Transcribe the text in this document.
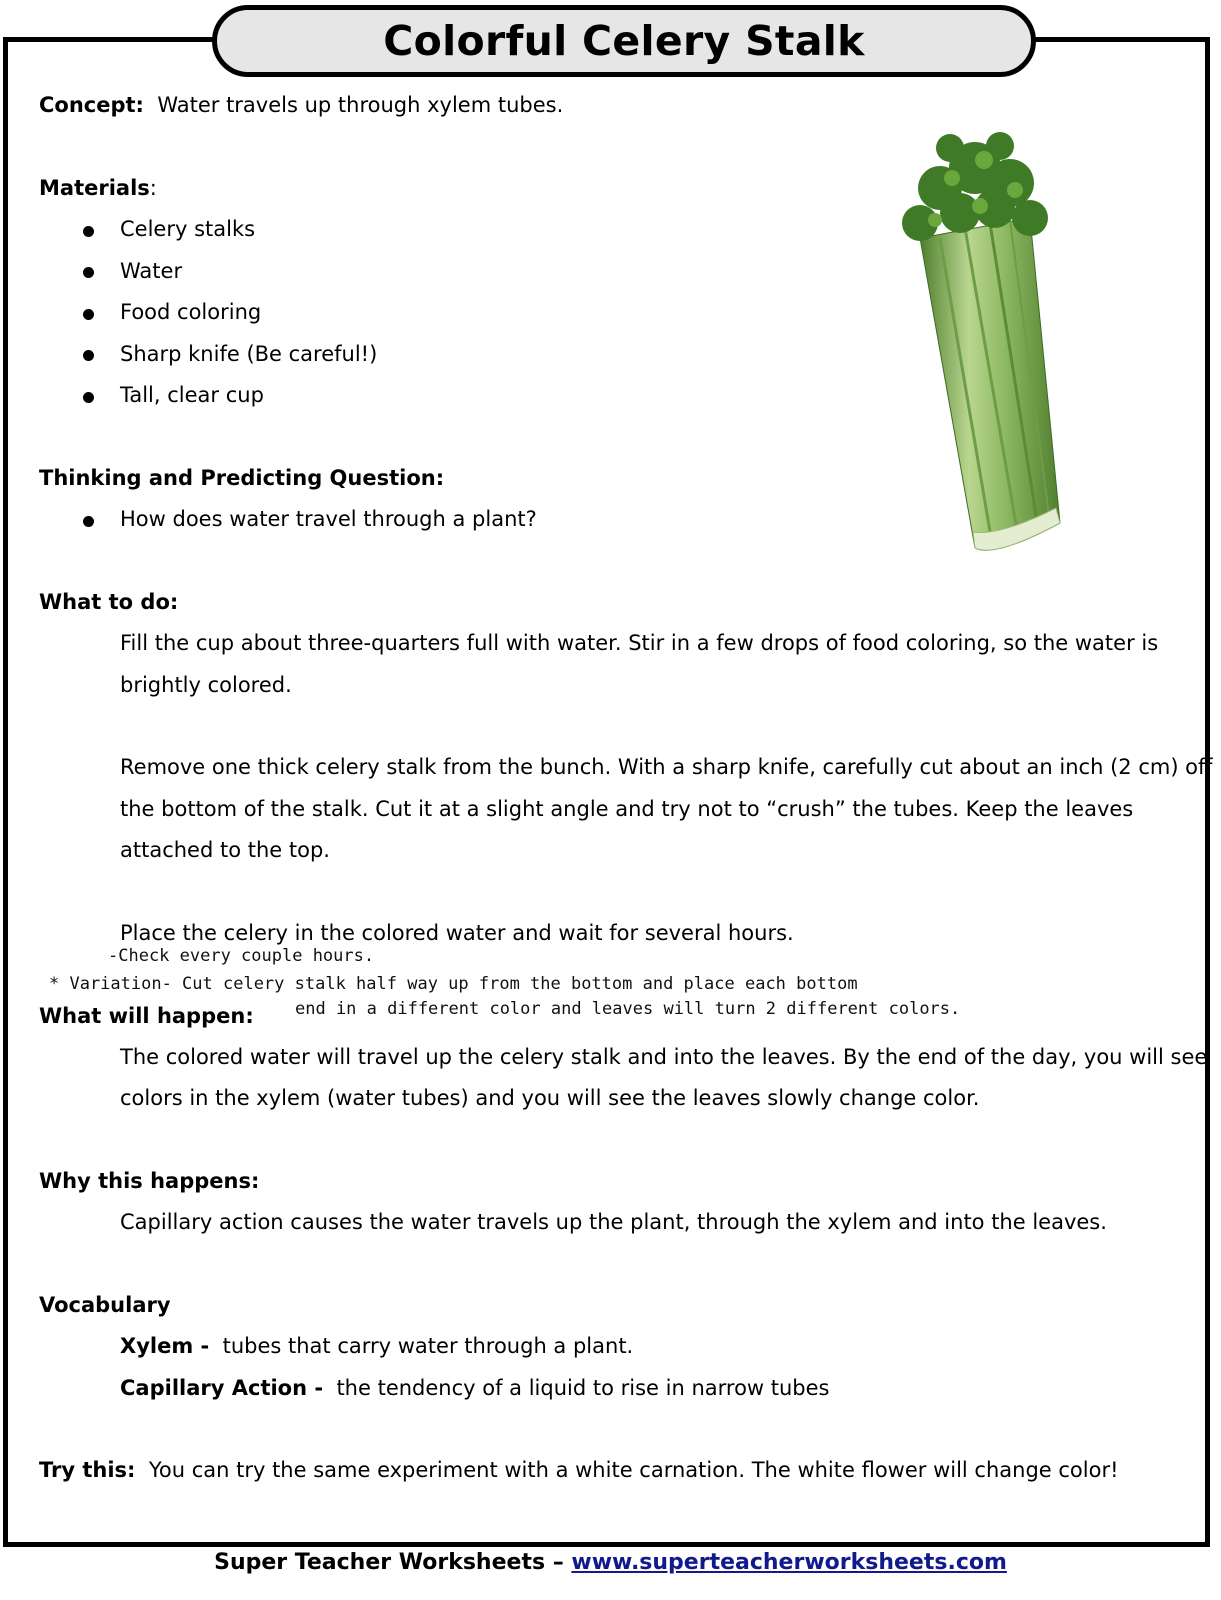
Colorful Celery Stalk
Concept: Water travels up through xylem tubes.
Materials:
Celery stalks
Water
Food coloring
Sharp knife (Be careful!)
Tall, clear cup
Thinking and Predicting Question:
How does water travel through a plant?
What to do:
Fill the cup about three-quarters full with water. Stir in a few drops of food coloring, so the water is
brightly colored.
Remove one thick celery stalk from the bunch. With a sharp knife, carefully cut about an inch (2 cm) off
the bottom of the stalk. Cut it at a slight angle and try not to “crush” the tubes. Keep the leaves
attached to the top.
Place the celery in the colored water and wait for several hours.
-Check every couple hours.
* Variation- Cut celery stalk half way up from the bottom and place each bottom
end in a different color and leaves will turn 2 different colors.
What will happen:
The colored water will travel up the celery stalk and into the leaves. By the end of the day, you will see
colors in the xylem (water tubes) and you will see the leaves slowly change color.
Why this happens:
Capillary action causes the water travels up the plant, through the xylem and into the leaves.
Vocabulary
Xylem - tubes that carry water through a plant.
Capillary Action - the tendency of a liquid to rise in narrow tubes
Try this: You can try the same experiment with a white carnation. The white flower will change color!
Super Teacher Worksheets – www.superteacherworksheets.com
